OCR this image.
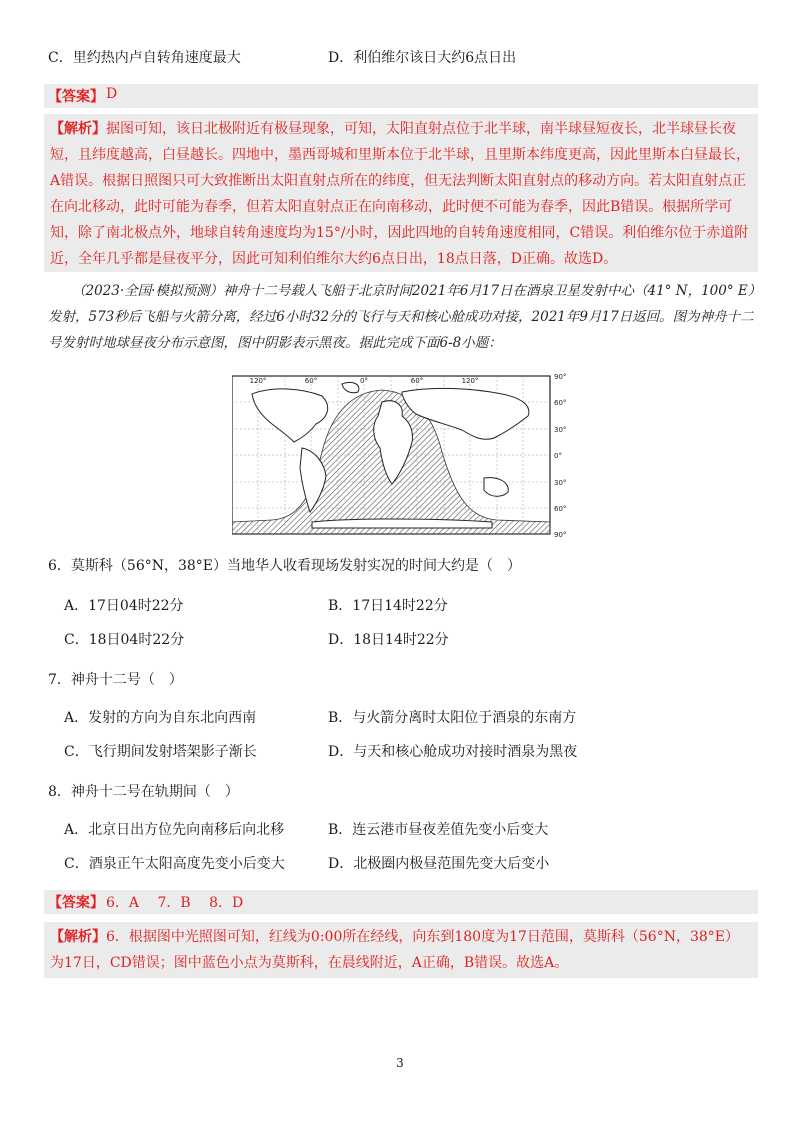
C．里约热内卢自转角速度最大	D．利伯维尔该日大约6点日出
【答案】 D
【解析】据图可知，该日北极附近有极昼现象，可知，太阳直射点位于北半球，南半球昼短夜长，北半球昼长夜短，且纬度越高，白昼越长。四地中，墨西哥城和里斯本位于北半球，且里斯本纬度更高，因此里斯本白昼最长，A错误。根据日照图只可大致推断出太阳直射点所在的纬度，但无法判断太阳直射点的移动方向。若太阳直射点正在向北移动，此时可能为春季，但若太阳直射点正在向南移动，此时便不可能为春季，因此B错误。根据所学可知，除了南北极点外，地球自转角速度均为15°/小时，因此四地的自转角速度相同，C错误。利伯维尔位于赤道附近，全年几乎都是昼夜平分，因此可知利伯维尔大约6点日出，18点日落，D正确。故选D。
（2023·全国·模拟预测）神舟十二号载人飞船于北京时间2021年6月17日在酒泉卫星发射中心（41° N，100° E）发射，573秒后飞船与火箭分离，经过6小时32分的飞行与天和核心舱成功对接，2021年9月17日返回。图为神舟十二号发射时地球昼夜分布示意图，图中阴影表示黑夜。据此完成下面6-8小题：
120°	60°	0°	60°	120°	90°
60°
30°
0°
30°
60°
90°
6．莫斯科（56°N，38°E）当地华人收看现场发射实况的时间大约是（　）
A．17日04时22分	B．17日14时22分
C．18日04时22分	D．18日14时22分
7．神舟十二号（　）
A．发射的方向为自东北向西南	B．与火箭分离时太阳位于酒泉的东南方
C．飞行期间发射塔架影子渐长	D．与天和核心舱成功对接时酒泉为黑夜
8．神舟十二号在轨期间（　）
A．北京日出方位先向南移后向北移	B．连云港市昼夜差值先变小后变大
C．酒泉正午太阳高度先变小后变大	D．北极圈内极昼范围先变大后变小
【答案】 6．A　 7．B　 8．D
【解析】6．根据图中光照图可知，红线为0:00所在经线，向东到180度为17日范围，莫斯科（56°N，38°E）为17日，CD错误；图中蓝色小点为莫斯科，在晨线附近，A正确，B错误。故选A。
3
